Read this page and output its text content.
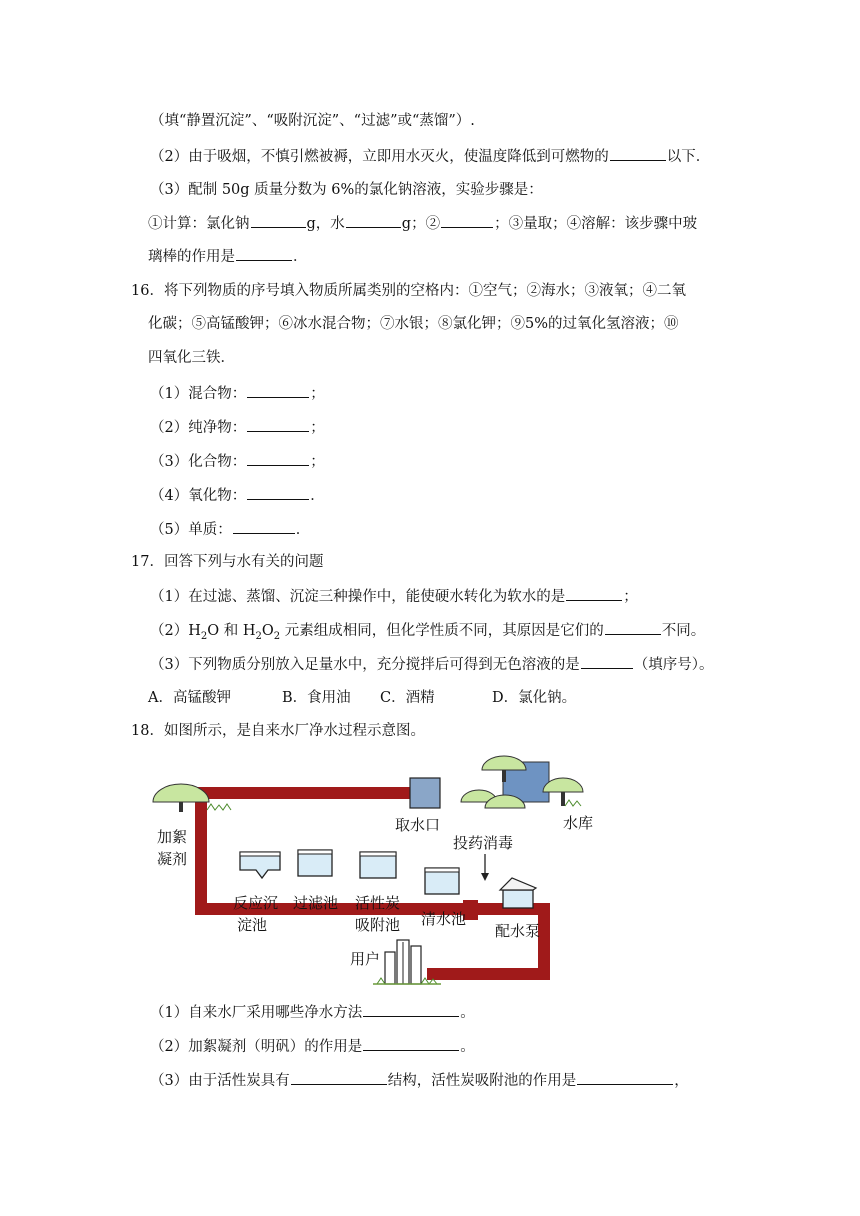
（填“静置沉淀”、“吸附沉淀”、“过滤”或“蒸馏”）.
（2）由于吸烟，不慎引燃被褥，立即用水灭火，使温度降低到可燃物的	以下．
（3）配制 50g 质量分数为 6%的氯化钠溶液，实验步骤是：
①计算：氯化钠	g，水	g；②	；③量取；④溶解：该步骤中玻
璃棒的作用是	．
16．将下列物质的序号填入物质所属类别的空格内：①空气；②海水；③液氧；④二氧
化碳；⑤高锰酸钾；⑥冰水混合物；⑦水银；⑧氯化钾；⑨5%的过氧化氢溶液；⑩
四氧化三铁．
（1）混合物：	；
（2）纯净物：	；
（3）化合物：	；
（4）氧化物：	．
（5）单质：	．
17．回答下列与水有关的问题
（1）在过滤、蒸馏、沉淀三种操作中，能使硬水转化为软水的是	；
$(2)H_2O$ 和 $H_2O_2$ 元素组成相同，但化学性质不同，其原因是它们的	不同。
（3）下列物质分别放入足量水中，充分搅拌后可得到无色溶液的是	（填序号）。
A．高锰酸钾	B．食用油 C．酒精	D．氯化钠。
18．如图所示，是自来水厂净水过程示意图。
取水口	水库
加絮
凝剂
投药消毒
反应沉
淀池
过滤池 活性炭
吸附池 清水池
配水泵
用户
（1）自来水厂采用哪些净水方法	。
（2）加絮凝剂（明矾）的作用是	。
（3）由于活性炭具有	结构，活性炭吸附池的作用是	，
